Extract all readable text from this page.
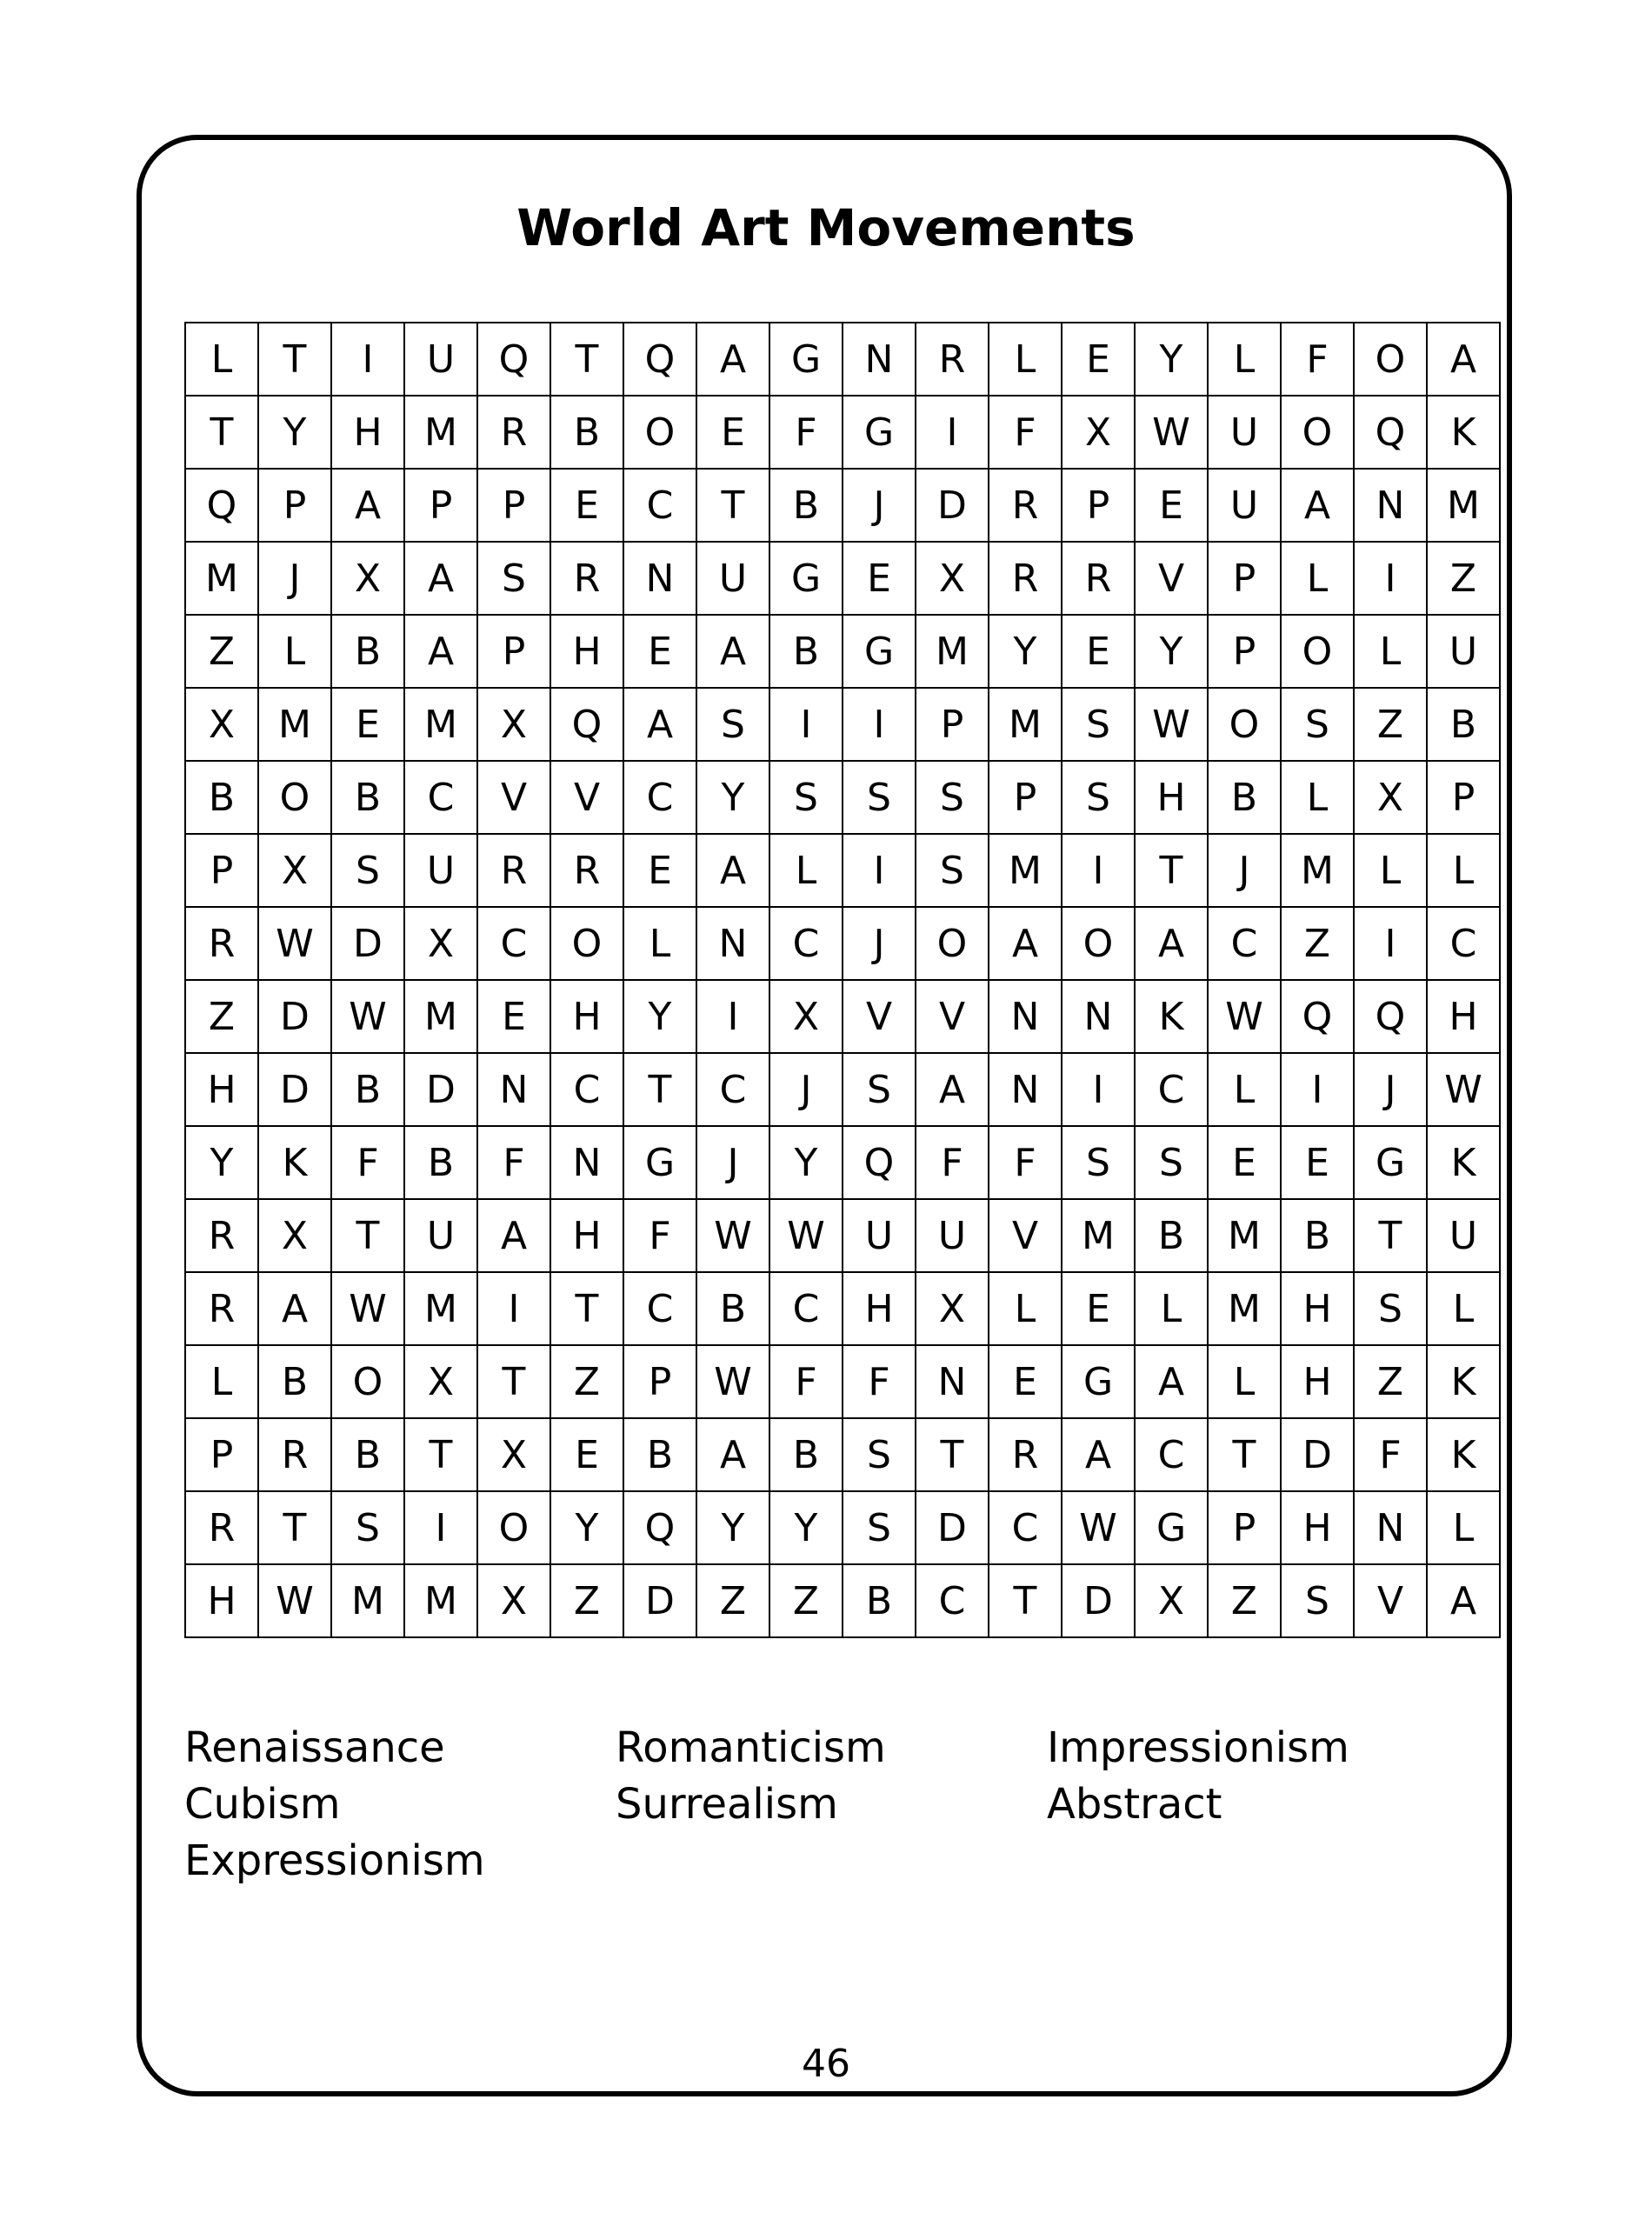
World Art Movements
L	T	I	U	Q	T	Q	A	G	N	R	L	E	Y	L	F	O	A
T	Y	H	M	R	B	O	E	F	G	I	F	X	W	U	O	Q	K
Q	P	A	P	P	E	C	T	B	J	D	R	P	E	U	A	N	M
M	J	X	A	S	R	N	U	G	E	X	R	R	V	P	L	I	Z
Z	L	B	A	P	H	E	A	B	G	M	Y	E	Y	P	O	L	U
X	M	E	M	X	Q	A	S	I	I	P	M	S	W	O	S	Z	B
B	O	B	C	V	V	C	Y	S	S	S	P	S	H	B	L	X	P
P	X	S	U	R	R	E	A	L	I	S	M	I	T	J	M	L	L
R	W	D	X	C	O	L	N	C	J	O	A	O	A	C	Z	I	C
Z	D	W	M	E	H	Y	I	X	V	V	N	N	K	W	Q	Q	H
H	D	B	D	N	C	T	C	J	S	A	N	I	C	L	I	J	W
Y	K	F	B	F	N	G	J	Y	Q	F	F	S	S	E	E	G	K
R	X	T	U	A	H	F	W	W	U	U	V	M	B	M	B	T	U
R	A	W	M	I	T	C	B	C	H	X	L	E	L	M	H	S	L
L	B	O	X	T	Z	P	W	F	F	N	E	G	A	L	H	Z	K
P	R	B	T	X	E	B	A	B	S	T	R	A	C	T	D	F	K
R	T	S	I	O	Y	Q	Y	Y	S	D	C	W	G	P	H	N	L
H	W	M	M	X	Z	D	Z	Z	B	C	T	D	X	Z	S	V	A
Renaissance	Romanticism	Impressionism
Cubism	Surrealism	Abstract
Expressionism
46
